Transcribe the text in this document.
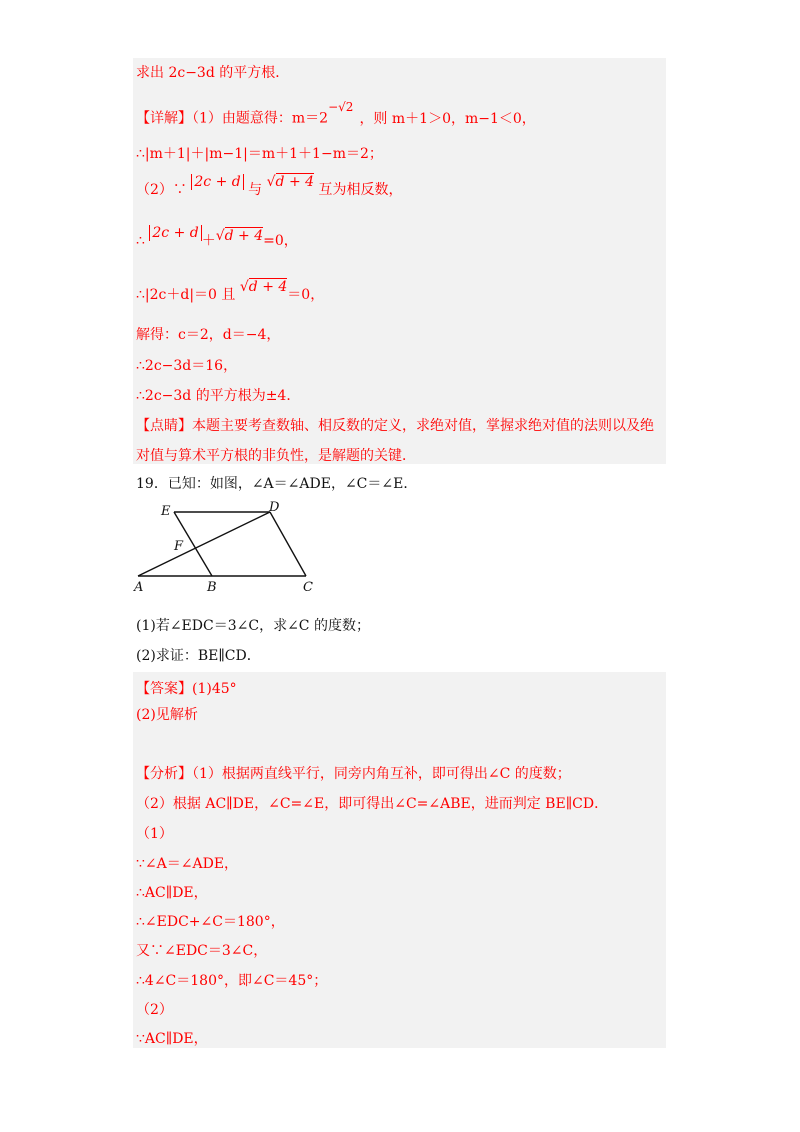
求出 2c−3d 的平方根．
【详解】（1）由题意得：$m=2^{-√2}$，则 m＋1＞0，m−1＜0，
∴|m＋1|＋|m−1|＝m＋1＋1−m＝2；
（2）∵ 2c + d 与 √d + 4 互为相反数，
∴ 2c + d ＋√d + 4=0，
∴|2c＋d|＝0 且 √d + 4＝0，
解得：c＝2，d＝−4，
∴2c−3d＝16，
∴2c−3d 的平方根为±4．
【点睛】本题主要考查数轴、相反数的定义，求绝对值，掌握求绝对值的法则以及绝
对值与算术平方根的非负性，是解题的关键．
19．已知：如图，∠A＝∠ADE，∠C＝∠E．
E	D
F
A	B	C
(1)若∠EDC＝3∠C，求∠C 的度数；
(2)求证：BE∥CD．
【答案】(1)45°
(2)见解析
【分析】（1）根据两直线平行，同旁内角互补，即可得出∠C 的度数；
（2）根据 AC∥DE，∠C=∠E，即可得出∠C=∠ABE，进而判定 BE∥CD．
（1）
∵∠A＝∠ADE，
∴AC∥DE，
∴∠EDC+∠C＝180°，
又∵∠EDC＝3∠C，
∴4∠C＝180°，即∠C＝45°；
（2）
∵AC∥DE，
